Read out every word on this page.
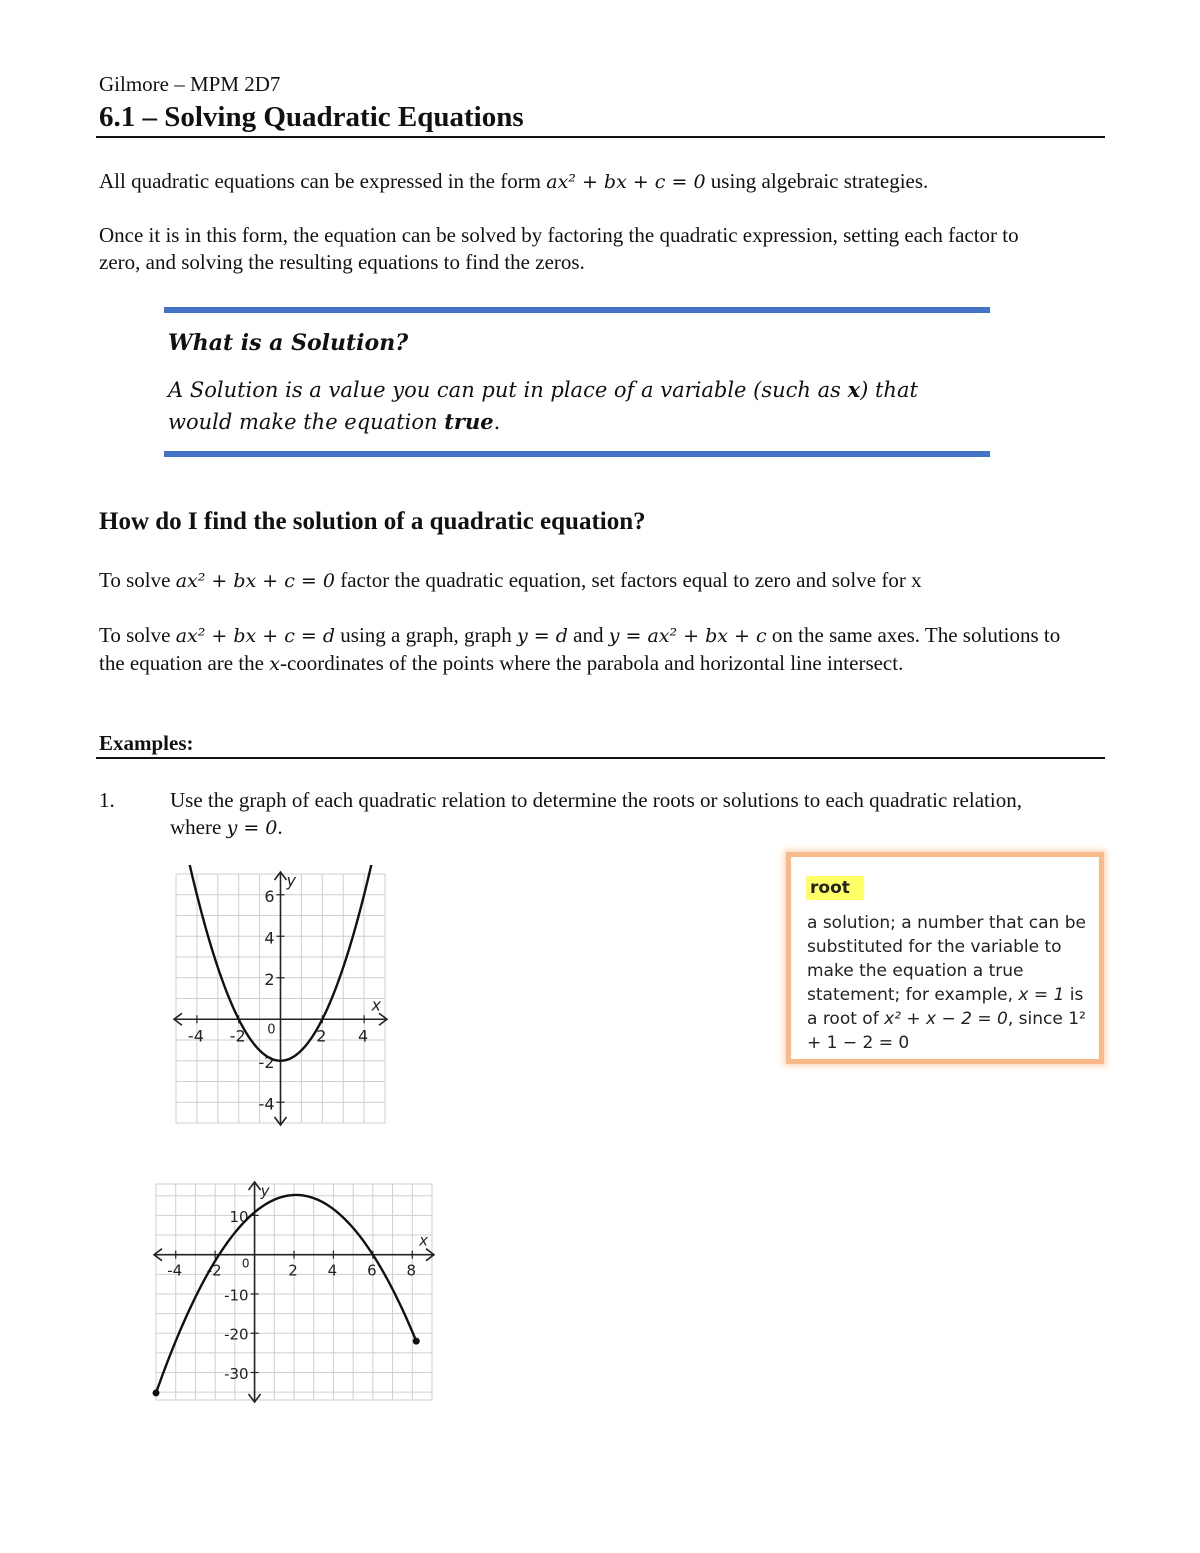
Gilmore – MPM 2D7
6.1 – Solving Quadratic Equations
All quadratic equations can be expressed in the form ax² + bx + c = 0 using algebraic strategies.
Once it is in this form, the equation can be solved by factoring the quadratic expression, setting each factor to zero, and solving the resulting equations to find the zeros.
What is a Solution?
A Solution is a value you can put in place of a variable (such as x) that would make the equation true.
How do I find the solution of a quadratic equation?
To solve ax² + bx + c = 0 factor the quadratic equation, set factors equal to zero and solve for x
To solve ax² + bx + c = d using a graph, graph y = d and y = ax² + bx + c on the same axes. The solutions to the equation are the x-coordinates of the points where the parabola and horizontal line intersect.
Examples:
1.	Use the graph of each quadratic relation to determine the roots or solutions to each quadratic relation, where y = 0.
root
a solution; a number that can be substituted for the variable to make the equation a true statement; for example, x = 1 is a root of x² + x − 2 = 0, since 1² + 1 − 2 = 0
-4 -2	2 4
6
4
2
-2
-4
0
y
x
-4 -2	2 4 6 8
10
-10
-20
-30
0
y
x
